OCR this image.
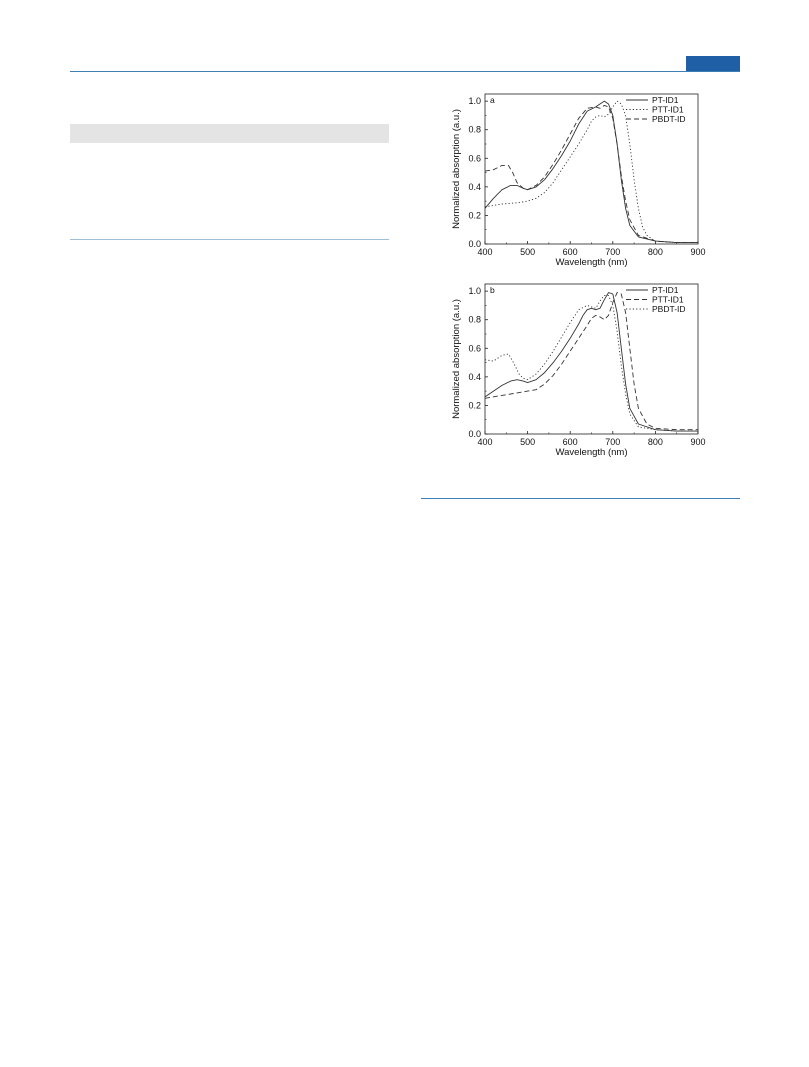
400	500	600	700	800	900
0.0
0.2
0.4
0.6
0.8
1.0
Wavelength (nm)
Normalized absorption (a.u.)
a	PT-ID1
PTT-ID1
PBDT-ID
400	500	600	700	800	900
0.0
0.2
0.4
0.6
0.8
1.0
Wavelength (nm)
Normalized absorption (a.u.)
b	PT-ID1
PTT-ID1
PBDT-ID
